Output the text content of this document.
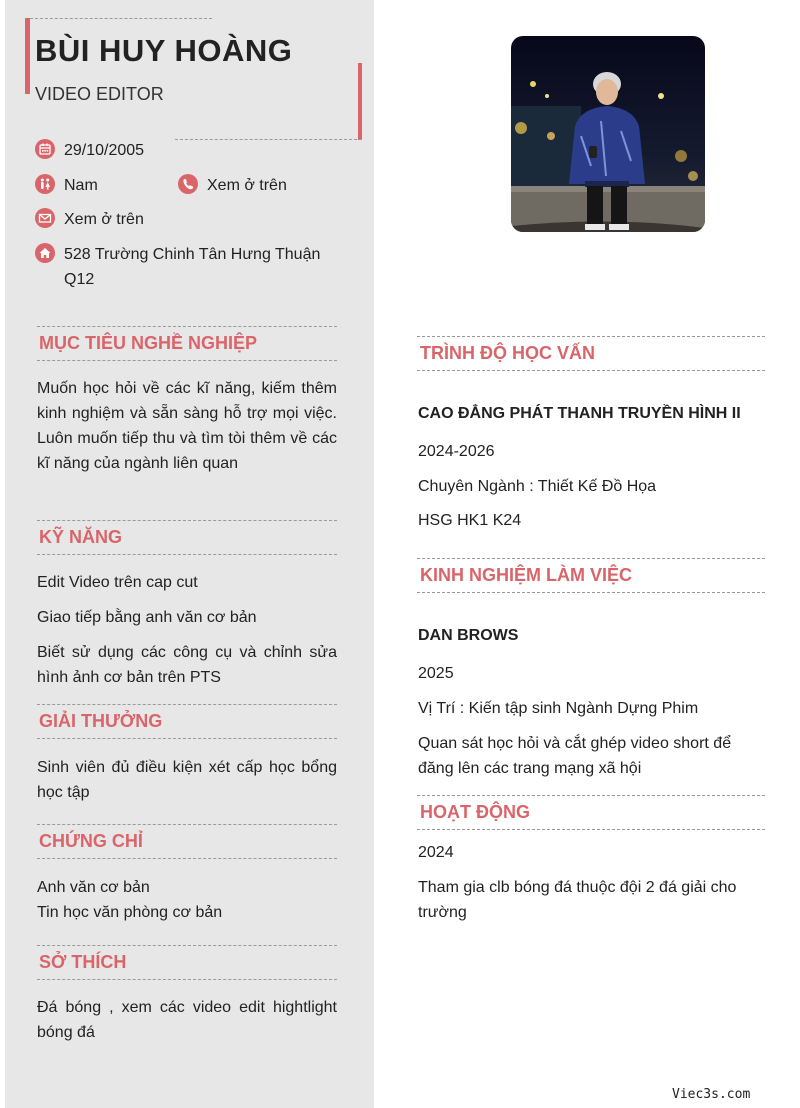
BÙI HUY HOÀNG
VIDEO EDITOR
29/10/2005
Nam	Xem ở trên
Xem ở trên
528 Trường Chinh Tân Hưng Thuận Q12
MỤC TIÊU NGHỀ NGHIỆP
Muốn học hỏi về các kĩ năng, kiếm thêm kinh nghiệm và sẵn sàng hỗ trợ mọi việc. Luôn muốn tiếp thu và tìm tòi thêm về các kĩ năng của ngành liên quan
KỸ NĂNG
Edit Video trên cap cut
Giao tiếp bằng anh văn cơ bản
Biết sử dụng các công cụ và chỉnh sửa hình ảnh cơ bản trên PTS
GIẢI THƯỞNG
Sinh viên đủ điều kiện xét cấp học bổng học tập
CHỨNG CHỈ
Anh văn cơ bản
Tin học văn phòng cơ bản
SỞ THÍCH
Đá bóng , xem các video edit hightlight bóng đá
TRÌNH ĐỘ HỌC VẤN
CAO ĐẲNG PHÁT THANH TRUYỀN HÌNH II
2024-2026
Chuyên Ngành : Thiết Kế Đồ Họa
HSG HK1 K24
KINH NGHIỆM LÀM VIỆC
DAN BROWS
2025
Vị Trí : Kiến tập sinh Ngành Dựng Phim
Quan sát học hỏi và cắt ghép video short để đăng lên các trang mạng xã hội
HOẠT ĐỘNG
2024
Tham gia clb bóng đá thuộc đội 2 đá giải cho trường
Viec3s.com
